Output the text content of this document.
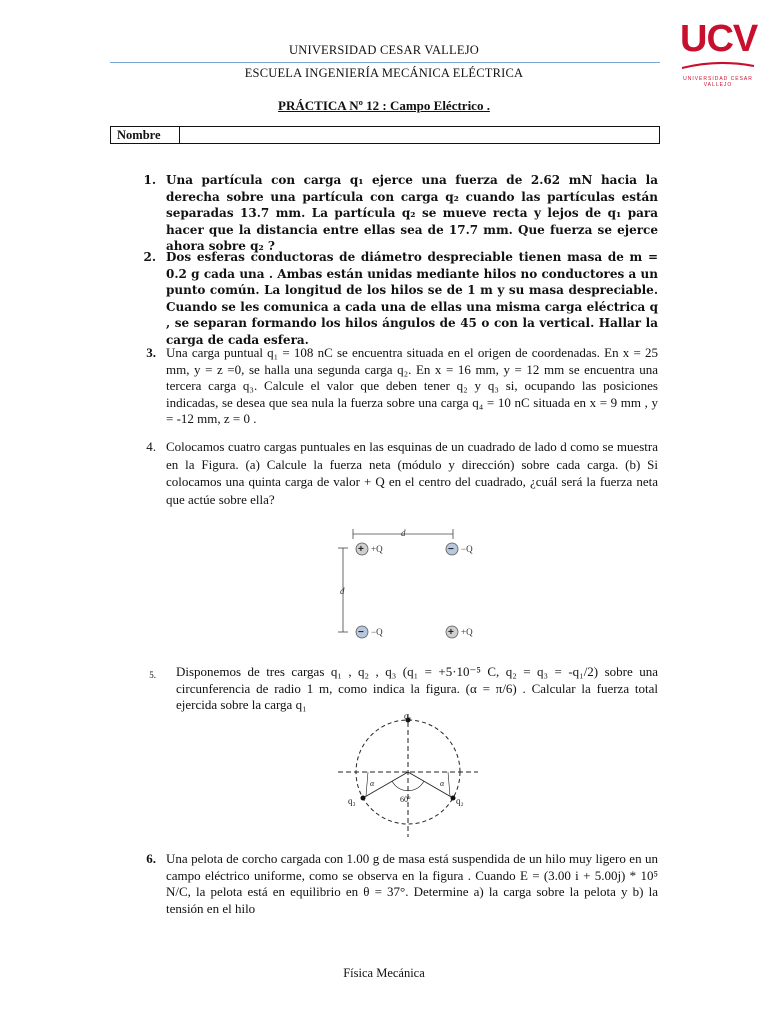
UNIVERSIDAD CESAR VALLEJO
ESCUELA INGENIERÍA MECÁNICA ELÉCTRICA
UCV
UNIVERSIDAD CESAR VALLEJO
PRÁCTICA Nº 12 : Campo Eléctrico .
Nombre
1. Una partícula con carga q₁ ejerce una fuerza de 2.62 mN hacia la derecha sobre una partícula con carga q₂ cuando las partículas están separadas 13.7 mm. La partícula q₂ se mueve recta y lejos de q₁ para hacer que la distancia entre ellas sea de 17.7 mm. Que fuerza se ejerce ahora sobre q₂ ?
2. Dos esferas conductoras de diámetro despreciable tienen masa de m = 0.2 g cada una . Ambas están unidas mediante hilos no conductores a un punto común. La longitud de los hilos se de 1 m y su masa despreciable. Cuando se les comunica a cada una de ellas una misma carga eléctrica q , se separan formando los hilos ángulos de 45 o con la vertical. Hallar la carga de cada esfera.
3. Una carga puntual q₁ = 108 nC se encuentra situada en el origen de coordenadas. En x = 25 mm, y = z =0, se halla una segunda carga q₂. En x = 16 mm, y = 12 mm se encuentra una tercera carga q₃. Calcule el valor que deben tener q₂ y q₃ si, ocupando las posiciones indicadas, se desea que sea nula la fuerza sobre una carga q₄ = 10 nC situada en x = 9 mm , y = -12 mm, z = 0 .
4. Colocamos cuatro cargas puntuales en las esquinas de un cuadrado de lado d como se muestra en la Figura. (a) Calcule la fuerza neta (módulo y dirección) sobre cada carga. (b) Si colocamos una quinta carga de valor + Q en el centro del cuadrado, ¿cuál será la fuerza neta que actúe sobre ella?
d
d
+ +Q	− −Q
− −Q	+ +Q
5.	Disponemos de tres cargas q₁ , q₂ , q₃ (q₁ = +5·10⁻⁵ C, q₂ = q₃ = -q₁/2) sobre una circunferencia de radio 1 m, como indica la figura. (α = π/6) . Calcular la fuerza total ejercida sobre la carga q₁
q₁
q₂
q₃
α	α
60º
6. Una pelota de corcho cargada con 1.00 g de masa está suspendida de un hilo muy ligero en un campo eléctrico uniforme, como se observa en la figura . Cuando E = (3.00 i + 5.00j) * 10⁵ N/C, la pelota está en equilibrio en θ = 37°. Determine a) la carga sobre la pelota y b) la tensión en el hilo
Física Mecánica
